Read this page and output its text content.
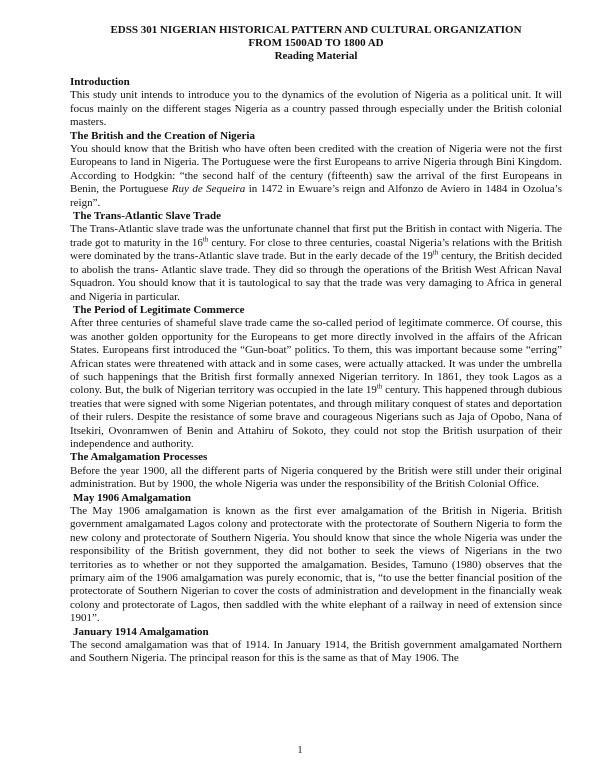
EDSS 301 NIGERIAN HISTORICAL PATTERN AND CULTURAL ORGANIZATION

FROM 1500AD TO 1800 AD

Reading Material

Introduction

This study unit intends to introduce you to the dynamics of the evolution of Nigeria as a political unit. It will focus mainly on the different stages Nigeria as a country passed through especially under the British colonial masters.

The British and the Creation of Nigeria

You should know that the British who have often been credited with the creation of Nigeria were not the first Europeans to land in Nigeria. The Portuguese were the first Europeans to arrive Nigeria through Bini Kingdom. According to Hodgkin: “the second half of the century (fifteenth) saw the arrival of the first Europeans in Benin, the Portuguese Ruy de Sequeira in 1472 in Ewuare’s reign and Alfonzo de Aviero in 1484 in Ozolua’s reign”.

The Trans-Atlantic Slave Trade

The Trans-Atlantic slave trade was the unfortunate channel that first put the British in contact with Nigeria. The trade got to maturity in the 16th century. For close to three centuries, coastal Nigeria’s relations with the British were dominated by the trans-Atlantic slave trade. But in the early decade of the 19th century, the British decided to abolish the trans- Atlantic slave trade. They did so through the operations of the British West African Naval Squadron. You should know that it is tautological to say that the trade was very damaging to Africa in general and Nigeria in particular.

The Period of Legitimate Commerce

After three centuries of shameful slave trade came the so-called period of legitimate commerce. Of course, this was another golden opportunity for the Europeans to get more directly involved in the affairs of the African States. Europeans first introduced the “Gun-boat” politics. To them, this was important because some “erring” African states were threatened with attack and in some cases, were actually attacked. It was under the umbrella of such happenings that the British first formally annexed Nigerian territory. In 1861, they took Lagos as a colony. But, the bulk of Nigerian territory was occupied in the late 19th century. This happened through dubious treaties that were signed with some Nigerian potentates, and through military conquest of states and deportation of their rulers. Despite the resistance of some brave and courageous Nigerians such as Jaja of Opobo, Nana of Itsekiri, Ovonramwen of Benin and Attahiru of Sokoto, they could not stop the British usurpation of their independence and authority.

The Amalgamation Processes

Before the year 1900, all the different parts of Nigeria conquered by the British were still under their original administration. But by 1900, the whole Nigeria was under the responsibility of the British Colonial Office.

May 1906 Amalgamation

The May 1906 amalgamation is known as the first ever amalgamation of the British in Nigeria. British government amalgamated Lagos colony and protectorate with the protectorate of Southern Nigeria to form the new colony and protectorate of Southern Nigeria. You should know that since the whole Nigeria was under the responsibility of the British government, they did not bother to seek the views of Nigerians in the two territories as to whether or not they supported the amalgamation. Besides, Tamuno (1980) observes that the primary aim of the 1906 amalgamation was purely economic, that is, “to use the better financial position of the protectorate of Southern Nigerian to cover the costs of administration and development in the financially weak colony and protectorate of Lagos, then saddled with the white elephant of a railway in need of extension since 1901”.

January 1914 Amalgamation

The second amalgamation was that of 1914. In January 1914, the British government amalgamated Northern and Southern Nigeria. The principal reason for this is the same as that of May 1906. The

1
